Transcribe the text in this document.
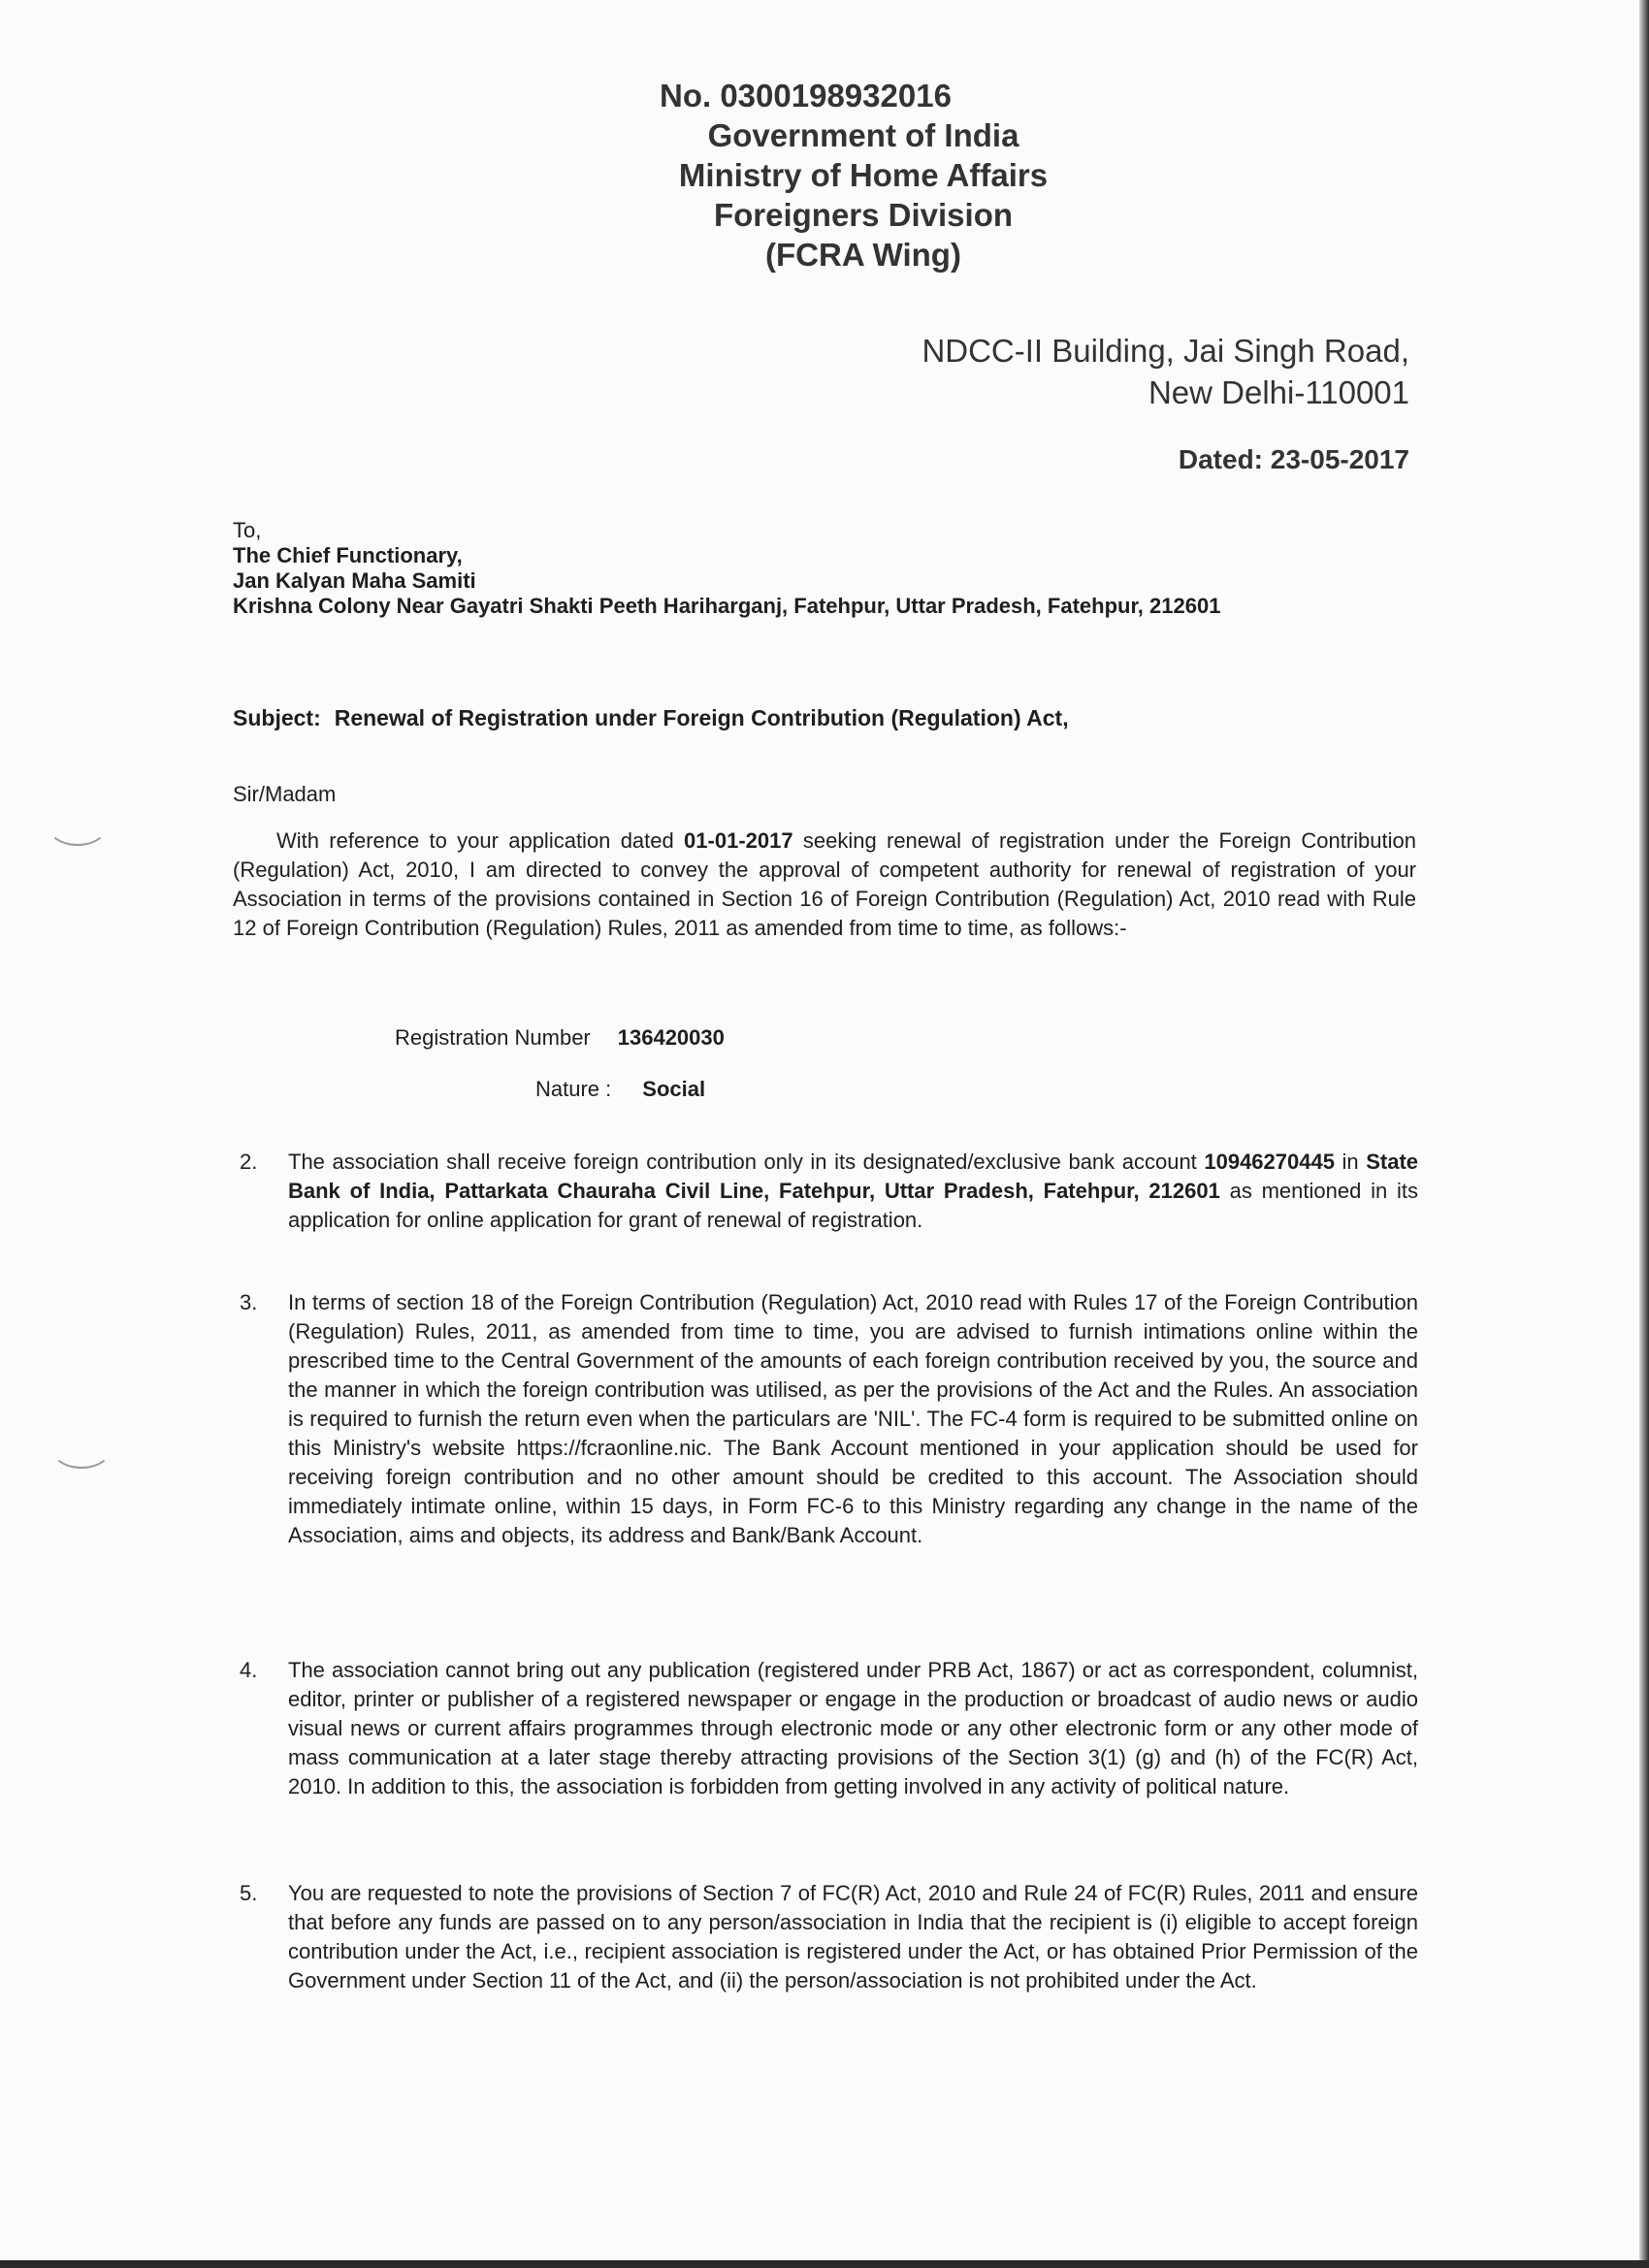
No. 0300198932016
Government of India
Ministry of Home Affairs
Foreigners Division
(FCRA Wing)
NDCC-II Building, Jai Singh Road,
New Delhi-110001
Dated: 23-05-2017
To,
The Chief Functionary,
Jan Kalyan Maha Samiti
Krishna Colony Near Gayatri Shakti Peeth Hariharganj, Fatehpur, Uttar Pradesh, Fatehpur, 212601
Subject: Renewal of Registration under Foreign Contribution (Regulation) Act,
Sir/Madam
With reference to your application dated 01-01-2017 seeking renewal of registration under the Foreign Contribution (Regulation) Act, 2010, I am directed to convey the approval of competent authority for renewal of registration of your Association in terms of the provisions contained in Section 16 of Foreign Contribution (Regulation) Act, 2010 read with Rule 12 of Foreign Contribution (Regulation) Rules, 2011 as amended from time to time, as follows:-
Registration Number 136420030
Nature : Social
2. The association shall receive foreign contribution only in its designated/exclusive bank account 10946270445 in State Bank of India, Pattarkata Chauraha Civil Line, Fatehpur, Uttar Pradesh, Fatehpur, 212601 as mentioned in its application for online application for grant of renewal of registration.
3. In terms of section 18 of the Foreign Contribution (Regulation) Act, 2010 read with Rules 17 of the Foreign Contribution (Regulation) Rules, 2011, as amended from time to time, you are advised to furnish intimations online within the prescribed time to the Central Government of the amounts of each foreign contribution received by you, the source and the manner in which the foreign contribution was utilised, as per the provisions of the Act and the Rules. An association is required to furnish the return even when the particulars are 'NIL'. The FC-4 form is required to be submitted online on this Ministry's website https://fcraonline.nic. The Bank Account mentioned in your application should be used for receiving foreign contribution and no other amount should be credited to this account. The Association should immediately intimate online, within 15 days, in Form FC-6 to this Ministry regarding any change in the name of the Association, aims and objects, its address and Bank/Bank Account.
4. The association cannot bring out any publication (registered under PRB Act, 1867) or act as correspondent, columnist, editor, printer or publisher of a registered newspaper or engage in the production or broadcast of audio news or audio visual news or current affairs programmes through electronic mode or any other electronic form or any other mode of mass communication at a later stage thereby attracting provisions of the Section 3(1) (g) and (h) of the FC(R) Act, 2010. In addition to this, the association is forbidden from getting involved in any activity of political nature.
5. You are requested to note the provisions of Section 7 of FC(R) Act, 2010 and Rule 24 of FC(R) Rules, 2011 and ensure that before any funds are passed on to any person/association in India that the recipient is (i) eligible to accept foreign contribution under the Act, i.e., recipient association is registered under the Act, or has obtained Prior Permission of the Government under Section 11 of the Act, and (ii) the person/association is not prohibited under the Act.
